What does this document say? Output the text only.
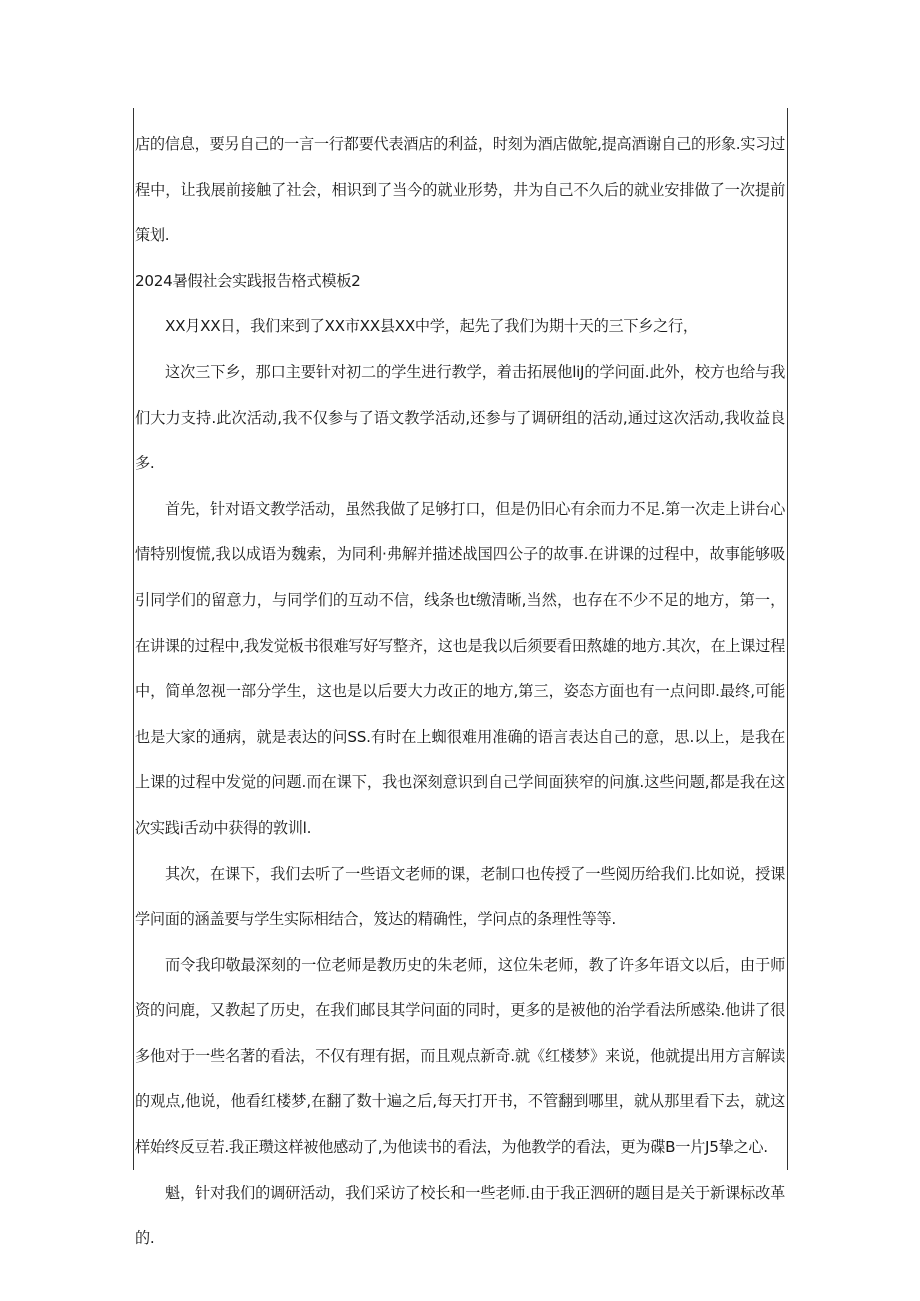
店的信息，要另自己的一言一行都要代表酒店的利益，时刻为酒店做鸵,提高酒谢自己的形象.实习过程中，让我展前接触了社会，相识到了当今的就业形势，井为自己不久后的就业安排做了一次提前策划.

2024暑假社会实践报告格式模板2

XX月XX日，我们来到了XX市XX县XX中学，起先了我们为期十天的三下乡之行，

这次三下乡，那口主要针对初二的学生进行教学，着击拓展他liJ的学问面.此外，校方也给与我们大力支持.此次活动,我不仅参与了语文教学活动,还参与了调研组的活动,通过这次活动,我收益良多.

首先，针对语文教学活动，虽然我做了足够打口，但是仍旧心有余而力不足.第一次走上讲台心情特别愎慌,我以成语为魏索，为同利·弗解并描述战国四公子的故事.在讲课的过程中，故事能够吸引同学们的留意力，与同学们的互动不信，线条也t缴清晰,当然，也存在不少不足的地方，第一，在讲课的过程中,我发觉板书很难写好写整齐，这也是我以后须要看田熬雄的地方.其次，在上课过程中，简单忽视一部分学生，这也是以后要大力改正的地方,第三，姿态方面也有一点问即.最终,可能也是大家的通病，就是表达的问SS.有时在上蜘很难用准确的语言表达自己的意，思.以上，是我在上课的过程中发觉的问题.而在课下，我也深刻意识到自己学间面狭窄的问旗.这些问题,都是我在这次实践i舌动中获得的敦训l.

其次，在课下，我们去听了一些语文老师的课，老制口也传授了一些阅历给我们.比如说，授课学问面的涵盖要与学生实际相结合，笈达的精确性，学问点的条理性等等.

而令我印敬最深刻的一位老师是教历史的朱老师，这位朱老师，教了许多年语文以后，由于师资的问鹿，又教起了历史，在我们邮艮其学问面的同时，更多的是被他的治学看法所感染.他讲了很多他对于一些名著的看法，不仅有理有据，而且观点新奇.就《红楼梦》来说，他就提出用方言解读的观点,他说，他看红楼梦,在翻了数十遍之后,每天打开书，不管翻到哪里，就从那里看下去，就这样始终反豆若.我正瓒这样被他感动了,为他读书的看法，为他教学的看法，更为碟B一片J5挚之心.

魁，针对我们的调研活动，我们采访了校长和一些老师.由于我正泗研的题目是关于新课标改革的.
